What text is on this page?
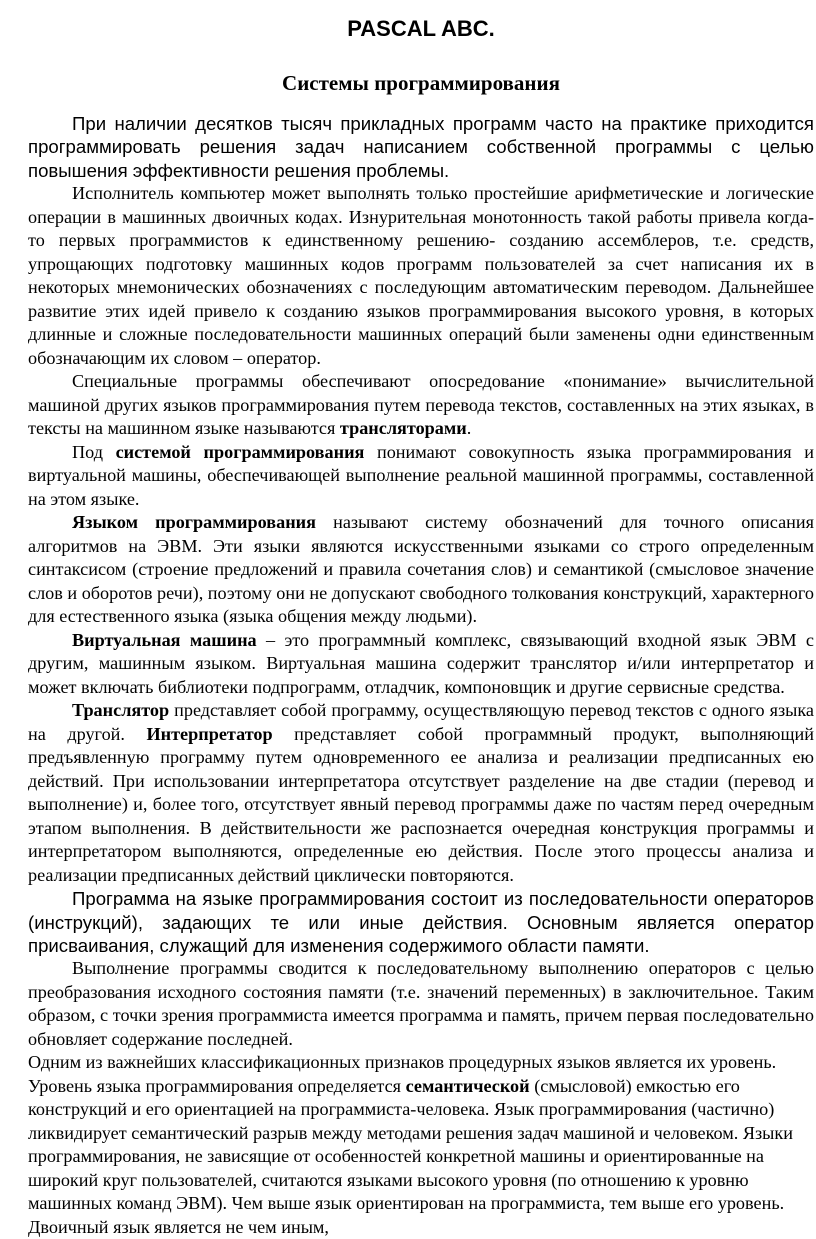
PASCAL ABC.
Системы программирования

При наличии десятков тысяч прикладных программ часто на практике приходится программировать решения задач написанием собственной программы с целью повышения эффективности решения проблемы.

Исполнитель компьютер может выполнять только простейшие арифметические и логические операции в машинных двоичных кодах. Изнурительная монотонность такой работы привела когда-то первых программистов к единственному решению- созданию ассемблеров, т.е. средств, упрощающих подготовку машинных кодов программ пользователей за счет написания их в некоторых мнемонических обозначениях с последующим автоматическим переводом. Дальнейшее развитие этих идей привело к созданию языков программирования высокого уровня, в которых длинные и сложные последовательности машинных операций были заменены одни единственным обозначающим их словом – оператор.

Специальные программы обеспечивают опосредование «понимание» вычислительной машиной других языков программирования путем перевода текстов, составленных на этих языках, в тексты на машинном языке называются трансляторами.

Под системой программирования понимают совокупность языка программирования и виртуальной машины, обеспечивающей выполнение реальной машинной программы, составленной на этом языке.

Языком программирования называют систему обозначений для точного описания алгоритмов на ЭВМ. Эти языки являются искусственными языками со строго определенным синтаксисом (строение предложений и правила сочетания слов) и семантикой (смысловое значение слов и оборотов речи), поэтому они не допускают свободного толкования конструкций, характерного для естественного языка (языка общения между людьми).

Виртуальная машина – это программный комплекс, связывающий входной язык ЭВМ с другим, машинным языком. Виртуальная машина содержит транслятор и/или интерпретатор и может включать библиотеки подпрограмм, отладчик, компоновщик и другие сервисные средства.

Транслятор представляет собой программу, осуществляющую перевод текстов с одного языка на другой. Интерпретатор представляет собой программный продукт, выполняющий предъявленную программу путем одновременного ее анализа и реализации предписанных ею действий. При использовании интерпретатора отсутствует разделение на две стадии (перевод и выполнение) и, более того, отсутствует явный перевод программы даже по частям перед очередным этапом выполнения. В действительности же распознается очередная конструкция программы и интерпретатором выполняются, определенные ею действия. После этого процессы анализа и реализации предписанных действий циклически повторяются.

Программа на языке программирования состоит из последовательности операторов (инструкций), задающих те или иные действия. Основным является оператор присваивания, служащий для изменения содержимого области памяти.

Выполнение программы сводится к последовательному выполнению операторов с целью преобразования исходного состояния памяти (т.е. значений переменных) в заключительное. Таким образом, с точки зрения программиста имеется программа и память, причем первая последовательно обновляет содержание последней.

Одним из важнейших классификационных признаков процедурных языков является их уровень. Уровень языка программирования определяется семантической (смысловой) емкостью его конструкций и его ориентацией на программиста-человека. Язык программирования (частично) ликвидирует семантический разрыв между методами решения задач машиной и человеком. Языки программирования, не зависящие от особенностей конкретной машины и ориентированные на широкий круг пользователей, считаются языками высокого уровня (по отношению к уровню машинных команд ЭВМ). Чем выше язык ориентирован на программиста, тем выше его уровень. Двоичный язык является не чем иным,
